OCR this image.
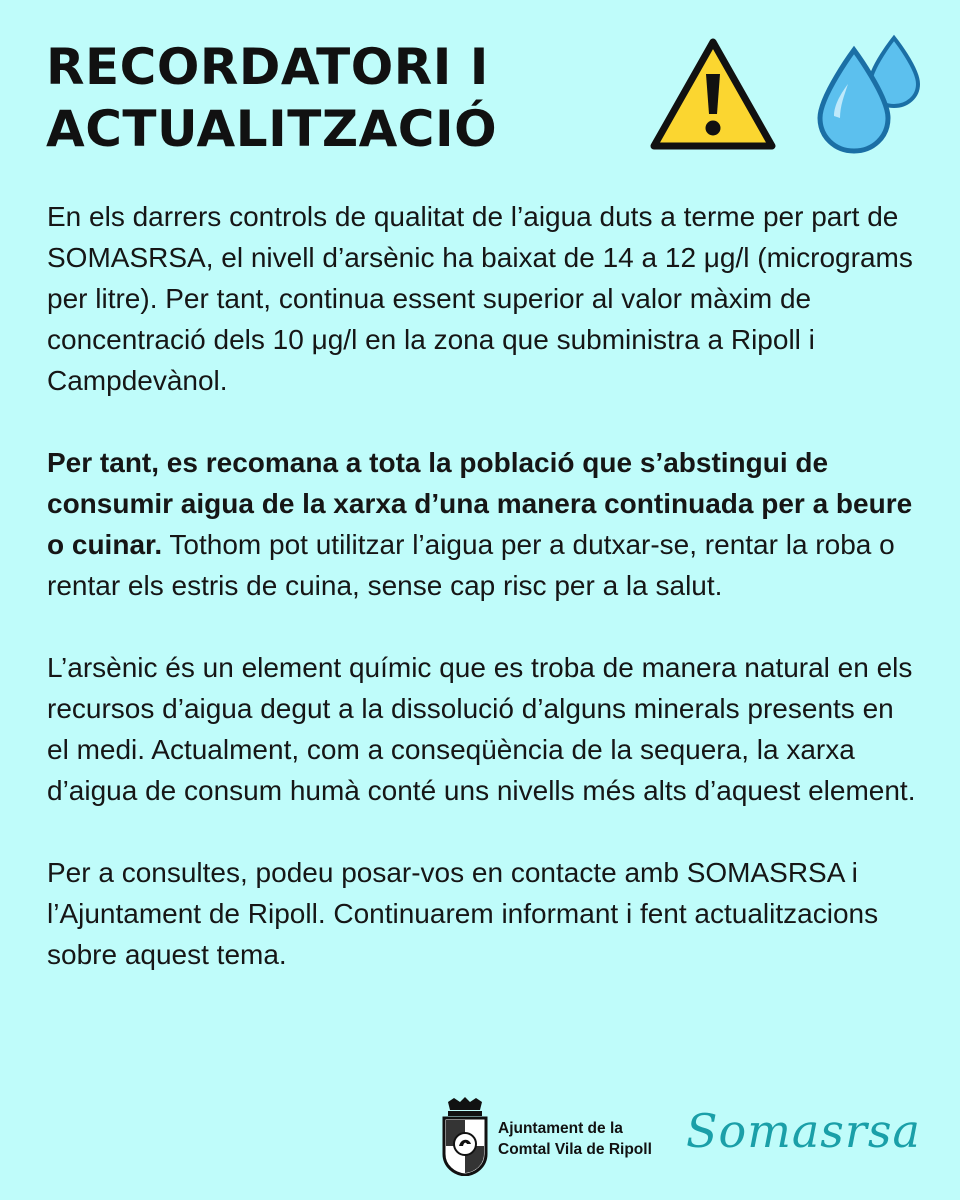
RECORDATORI I
ACTUALITZACIÓ

En els darrers controls de qualitat de l’aigua duts a terme per part de SOMASRSA, el nivell d’arsènic ha baixat de 14 a 12 μg/l (micrograms per litre). Per tant, continua essent superior al valor màxim de concentració dels 10 μg/l en la zona que subministra a Ripoll i Campdevànol.

Per tant, es recomana a tota la població que s’abstingui de consumir aigua de la xarxa d’una manera continuada per a beure o cuinar. Tothom pot utilitzar l’aigua per a dutxar-se, rentar la roba o rentar els estris de cuina, sense cap risc per a la salut.

L’arsènic és un element químic que es troba de manera natural en els recursos d’aigua degut a la dissolució d’alguns minerals presents en el medi. Actualment, com a conseqüència de la sequera, la xarxa d’aigua de consum humà conté uns nivells més alts d’aquest element.

Per a consultes, podeu posar-vos en contacte amb SOMASRSA i l’Ajuntament de Ripoll. Continuarem informant i fent actualitzacions sobre aquest tema.

Ajuntament de la
Comtal Vila de Ripoll Somasrsa
